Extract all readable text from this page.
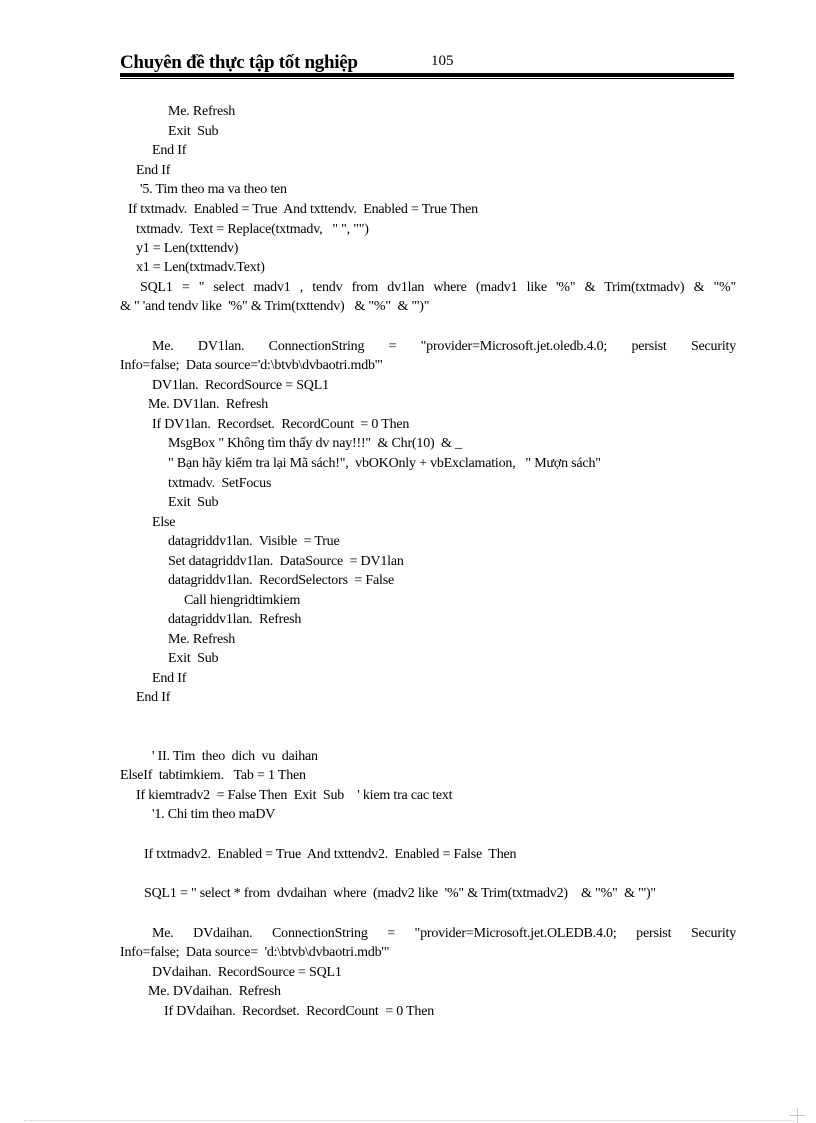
Chuyên đề thực tập tốt nghiệp	105
Me. Refresh
Exit  Sub
End If
End If
'5. Tim theo ma va theo ten
If txtmadv.  Enabled = True  And txttendv.  Enabled = True Then
txtmadv.  Text = Replace(txtmadv,   " ", "")
y1 = Len(txttendv)
x1 = Len(txtmadv.Text)
SQL1 = " select madv1 , tendv from dv1lan where (madv1 like '%" & Trim(txtmadv) & "%"
& " 'and tendv like  '%" & Trim(txttendv)   & "%"  & "')"
Me. DV1lan. ConnectionString = "provider=Microsoft.jet.oledb.4.0; persist Security
Info=false;  Data source='d:\btvb\dvbaotri.mdb'"
DV1lan.  RecordSource = SQL1
Me. DV1lan.  Refresh
If DV1lan.  Recordset.  RecordCount  = 0 Then
MsgBox " Không tìm thấy dv nay!!!"  & Chr(10)  & _
" Bạn hãy kiểm tra lại Mã sách!",  vbOKOnly + vbExclamation,   " Mượn sách"
txtmadv.  SetFocus
Exit  Sub
Else
datagriddv1lan.  Visible  = True
Set datagriddv1lan.  DataSource  = DV1lan
datagriddv1lan.  RecordSelectors  = False
Call hiengridtimkiem
datagriddv1lan.  Refresh
Me. Refresh
Exit  Sub
End If
End If
' II. Tim  theo  dich  vu  daihan
ElseIf  tabtimkiem.   Tab = 1 Then
If kiemtradv2  = False Then  Exit  Sub    ' kiem tra cac text
'1. Chi tim theo maDV
If txtmadv2.  Enabled = True  And txttendv2.  Enabled = False  Then
SQL1 = " select * from  dvdaihan  where  (madv2 like  '%" & Trim(txtmadv2)    & "%"  & "')"
Me. DVdaihan. ConnectionString = "provider=Microsoft.jet.OLEDB.4.0; persist Security
Info=false;  Data source=  'd:\btvb\dvbaotri.mdb'"
DVdaihan.  RecordSource = SQL1
Me. DVdaihan.  Refresh
If DVdaihan.  Recordset.  RecordCount  = 0 Then
